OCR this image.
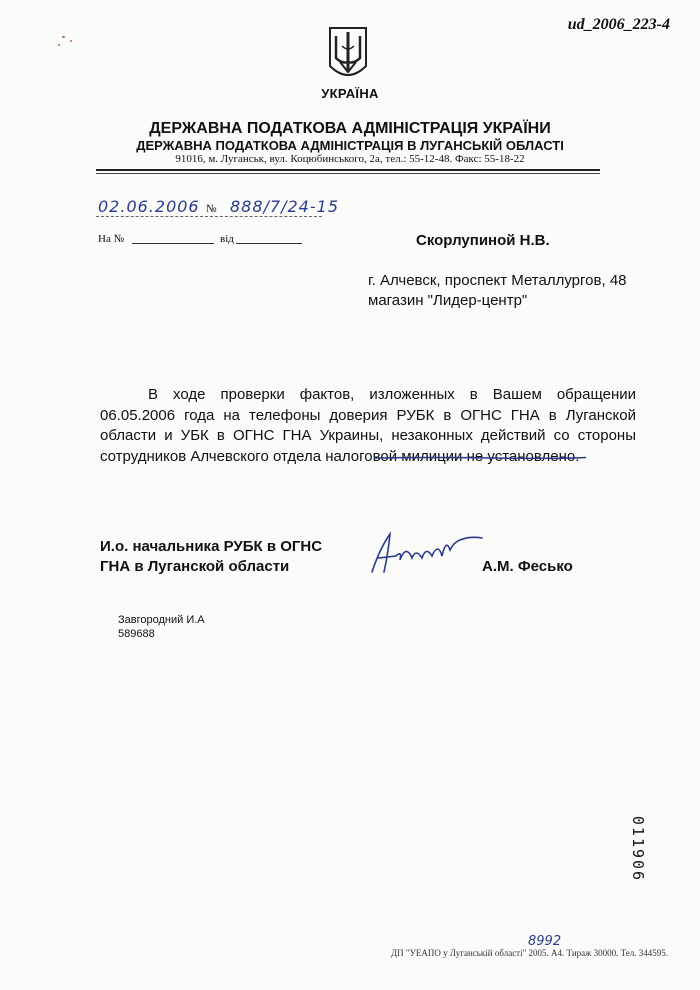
ud_2006_223-4
УКРАЇНА
ДЕРЖАВНА ПОДАТКОВА АДМІНІСТРАЦІЯ УКРАЇНИ
ДЕРЖАВНА ПОДАТКОВА АДМІНІСТРАЦІЯ В ЛУГАНСЬКІЙ ОБЛАСТІ
91016, м. Луганськ, вул. Коцюбинського, 2а, тел.: 55-12-48. Факс: 55-18-22
02.06.2006 № 888/7/24-15
На №	від	Скорлупиной Н.В.
г. Алчевск, проспект Металлургов, 48
магазин "Лидер-центр"
В ходе проверки фактов, изложенных в Вашем обращении 06.05.2006 года на телефоны доверия РУБК в ОГНС ГНА в Луганской области и УБК в ОГНС ГНА Украины, незаконных действий со стороны сотрудников Алчевского отдела налоговой милиции не установлено.
И.о. начальника РУБК в ОГНС
ГНА в Луганской области	А.М. Фесько
Завгородний И.А
589688
011906
8992
ДП "УЕАПО у Луганській області" 2005. А4. Тираж 30000. Тел. 344595.
